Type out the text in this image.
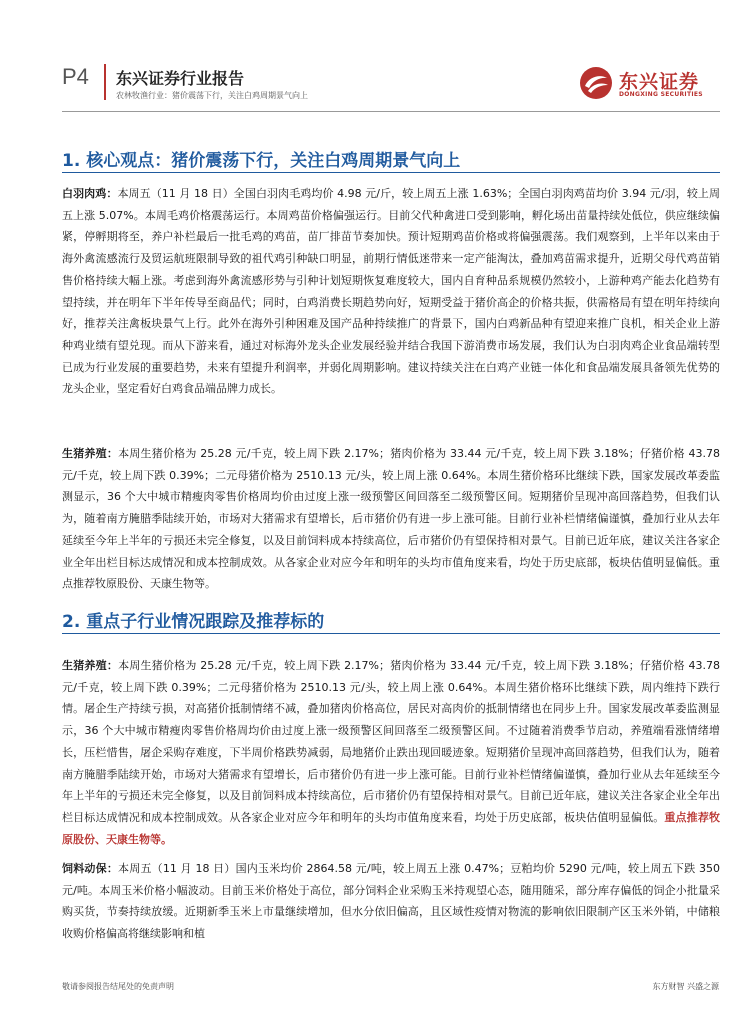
P4 东兴证券行业报告
农林牧渔行业：猪价震荡下行，关注白鸡周期景气向上
东兴证券
DONGXING SECURITIES
1. 核心观点：猪价震荡下行，关注白鸡周期景气向上
白羽肉鸡：本周五（11 月 18 日）全国白羽肉毛鸡均价 4.98 元/斤，较上周五上涨 1.63%；全国白羽肉鸡苗均价 3.94 元/羽，较上周五上涨 5.07%。本周毛鸡价格震荡运行。本周鸡苗价格偏强运行。目前父代种禽进口受到影响，孵化场出苗量持续处低位，供应继续偏紧，停孵期将至，养户补栏最后一批毛鸡的鸡苗，苗厂排苗节奏加快。预计短期鸡苗价格或将偏强震荡。我们观察到，上半年以来由于海外禽流感流行及贸运航班限制导致的祖代鸡引种缺口明显，前期行情低迷带来一定产能淘汰，叠加鸡苗需求提升，近期父母代鸡苗销售价格持续大幅上涨。考虑到海外禽流感形势与引种计划短期恢复难度较大，国内自育种品系规模仍然较小，上游种鸡产能去化趋势有望持续，并在明年下半年传导至商品代；同时，白鸡消费长期趋势向好，短期受益于猪价高企的价格共振，供需格局有望在明年持续向好，推荐关注禽板块景气上行。此外在海外引种困难及国产品种持续推广的背景下，国内白鸡新品种有望迎来推广良机，相关企业上游种鸡业绩有望兑现。而从下游来看，通过对标海外龙头企业发展经验并结合我国下游消费市场发展，我们认为白羽肉鸡企业食品端转型已成为行业发展的重要趋势，未来有望提升利润率，并弱化周期影响。建议持续关注在白鸡产业链一体化和食品端发展具备领先优势的龙头企业，坚定看好白鸡食品端品牌力成长。
生猪养殖：本周生猪价格为 25.28 元/千克，较上周下跌 2.17%；猪肉价格为 33.44 元/千克，较上周下跌 3.18%；仔猪价格 43.78 元/千克，较上周下跌 0.39%；二元母猪价格为 2510.13 元/头，较上周上涨 0.64%。本周生猪价格环比继续下跌，国家发展改革委监测显示，36 个大中城市精瘦肉零售价格周均价由过度上涨一级预警区间回落至二级预警区间。短期猪价呈现冲高回落趋势，但我们认为，随着南方腌腊季陆续开始，市场对大猪需求有望增长，后市猪价仍有进一步上涨可能。目前行业补栏情绪偏谨慎，叠加行业从去年延续至今年上半年的亏损还未完全修复，以及目前饲料成本持续高位，后市猪价仍有望保持相对景气。目前已近年底，建议关注各家企业全年出栏目标达成情况和成本控制成效。从各家企业对应今年和明年的头均市值角度来看，均处于历史底部，板块估值明显偏低。重点推荐牧原股份、天康生物等。
2. 重点子行业情况跟踪及推荐标的
生猪养殖：本周生猪价格为 25.28 元/千克，较上周下跌 2.17%；猪肉价格为 33.44 元/千克，较上周下跌 3.18%；仔猪价格 43.78 元/千克，较上周下跌 0.39%；二元母猪价格为 2510.13 元/头，较上周上涨 0.64%。本周生猪价格环比继续下跌，周内维持下跌行情。屠企生产持续亏损，对高猪价抵制情绪不减，叠加猪肉价格高位，居民对高肉价的抵制情绪也在同步上升。国家发展改革委监测显示，36 个大中城市精瘦肉零售价格周均价由过度上涨一级预警区间回落至二级预警区间。不过随着消费季节启动，养殖端看涨情绪增长，压栏惜售，屠企采购存难度，下半周价格跌势减弱，局地猪价止跌出现回暖迹象。短期猪价呈现冲高回落趋势，但我们认为，随着南方腌腊季陆续开始，市场对大猪需求有望增长，后市猪价仍有进一步上涨可能。目前行业补栏情绪偏谨慎，叠加行业从去年延续至今年上半年的亏损还未完全修复，以及目前饲料成本持续高位，后市猪价仍有望保持相对景气。目前已近年底，建议关注各家企业全年出栏目标达成情况和成本控制成效。从各家企业对应今年和明年的头均市值角度来看，均处于历史底部，板块估值明显偏低。重点推荐牧原股份、天康生物等。
饲料动保：本周五（11 月 18 日）国内玉米均价 2864.58 元/吨，较上周五上涨 0.47%；豆粕均价 5290 元/吨，较上周五下跌 350 元/吨。本周玉米价格小幅波动。目前玉米价格处于高位，部分饲料企业采购玉米持观望心态，随用随采，部分库存偏低的饲企小批量采购买货，节奏持续放缓。近期新季玉米上市量继续增加，但水分依旧偏高，且区域性疫情对物流的影响依旧限制产区玉米外销，中储粮收购价格偏高将继续影响和植
敬请参阅报告结尾处的免责声明	东方财智 兴盛之源
